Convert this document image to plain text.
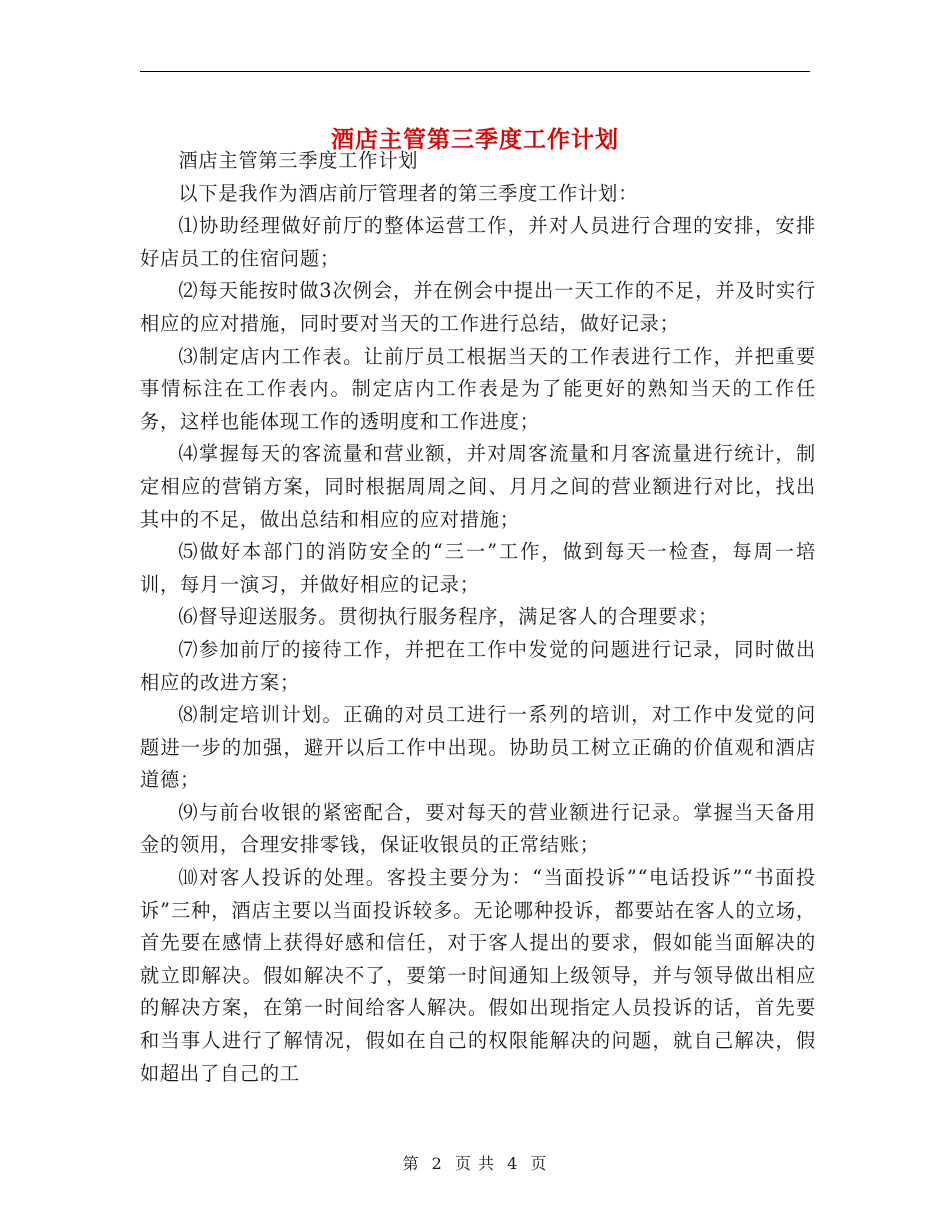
酒店主管第三季度工作计划

酒店主管第三季度工作计划

以下是我作为酒店前厅管理者的第三季度工作计划：

⑴协助经理做好前厅的整体运营工作，并对人员进行合理的安排，安排好店员工的住宿问题；

⑵每天能按时做3次例会，并在例会中提出一天工作的不足，并及时实行相应的应对措施，同时要对当天的工作进行总结，做好记录；

⑶制定店内工作表。让前厅员工根据当天的工作表进行工作，并把重要事情标注在工作表内。制定店内工作表是为了能更好的熟知当天的工作任务，这样也能体现工作的透明度和工作进度；

⑷掌握每天的客流量和营业额，并对周客流量和月客流量进行统计，制定相应的营销方案，同时根据周周之间、月月之间的营业额进行对比，找出其中的不足，做出总结和相应的应对措施；

⑸做好本部门的消防安全的“三一”工作，做到每天一检查，每周一培训，每月一演习，并做好相应的记录；

⑹督导迎送服务。贯彻执行服务程序，满足客人的合理要求；

⑺参加前厅的接待工作，并把在工作中发觉的问题进行记录，同时做出相应的改进方案；

⑻制定培训计划。正确的对员工进行一系列的培训，对工作中发觉的问题进一步的加强，避开以后工作中出现。协助员工树立正确的价值观和酒店道德；

⑼与前台收银的紧密配合，要对每天的营业额进行记录。掌握当天备用金的领用，合理安排零钱，保证收银员的正常结账；

⑽对客人投诉的处理。客投主要分为：“当面投诉”“电话投诉”“书面投诉”三种，酒店主要以当面投诉较多。无论哪种投诉，都要站在客人的立场，首先要在感情上获得好感和信任，对于客人提出的要求，假如能当面解决的就立即解决。假如解决不了，要第一时间通知上级领导，并与领导做出相应的解决方案，在第一时间给客人解决。假如出现指定人员投诉的话，首先要和当事人进行了解情况，假如在自己的权限能解决的问题，就自己解决，假如超出了自己的工

第 2 页 共 4 页
